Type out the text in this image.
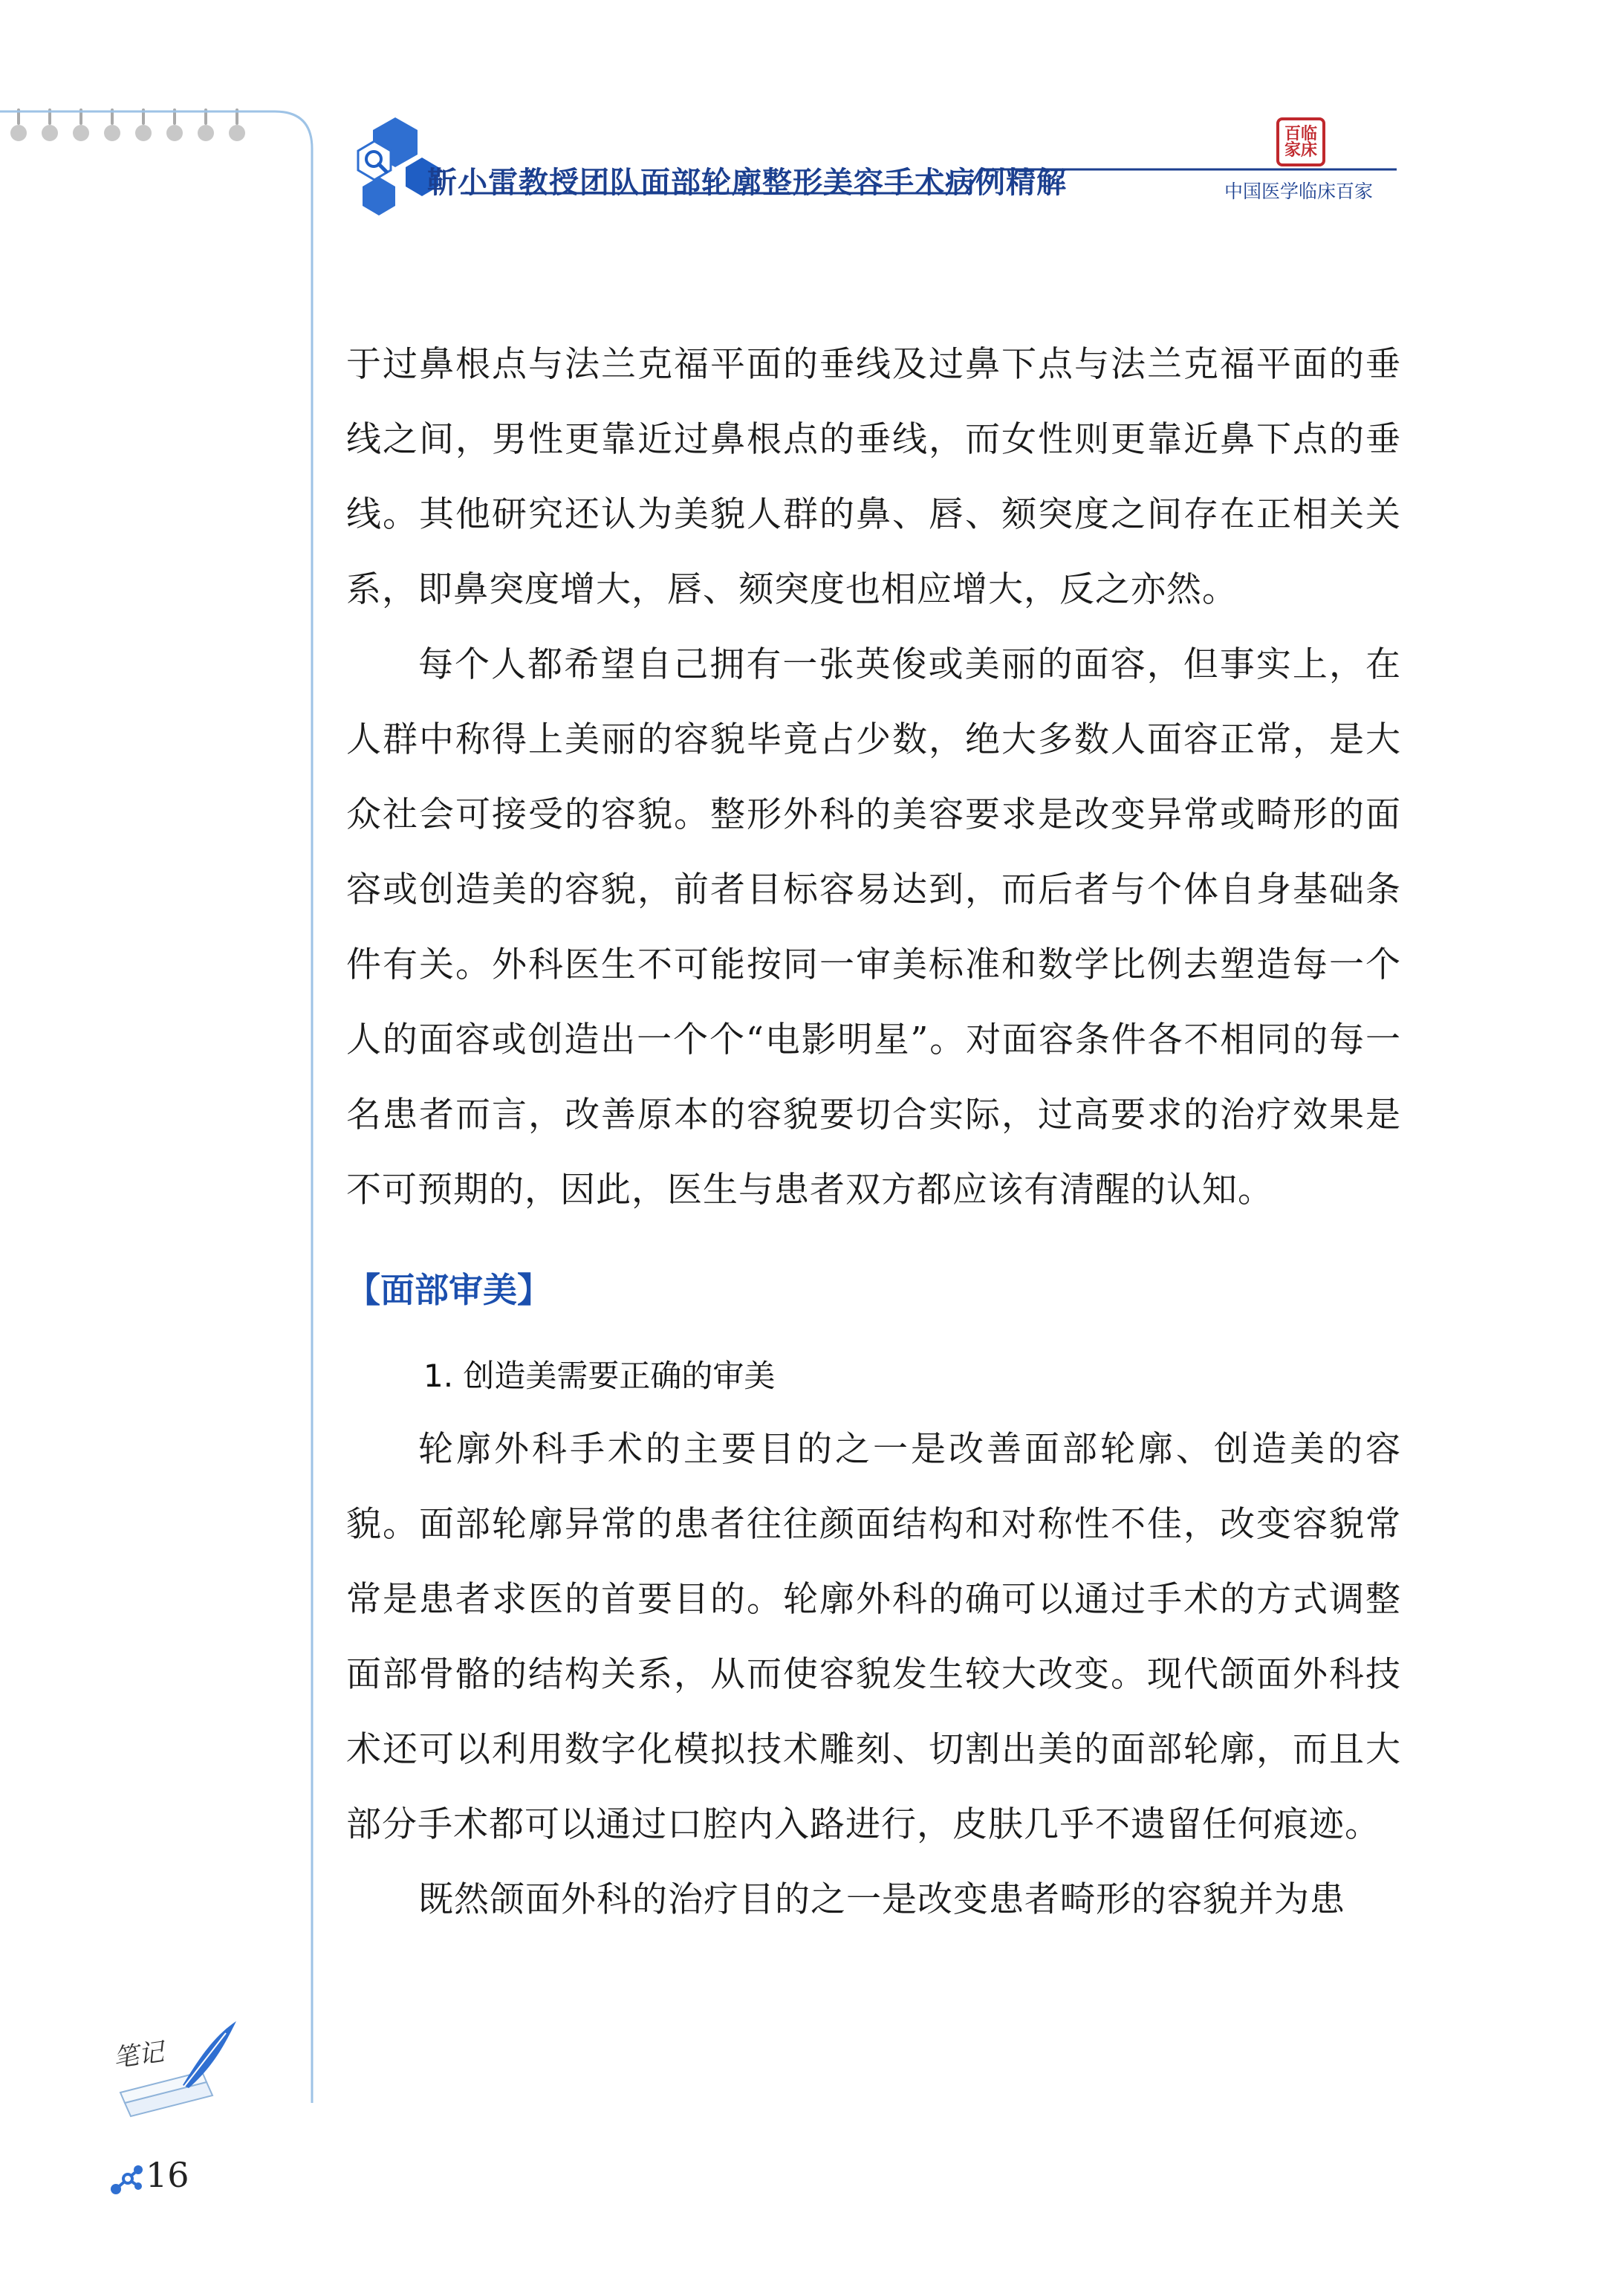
靳小雷教授团队面部轮廓整形美容手术病例精解
百临家床
中国医学临床百家

于过鼻根点与法兰克福平面的垂线及过鼻下点与法兰克福平面的垂线之间，男性更靠近过鼻根点的垂线，而女性则更靠近鼻下点的垂线。其他研究还认为美貌人群的鼻、唇、颏突度之间存在正相关关系，即鼻突度增大，唇、颏突度也相应增大，反之亦然。

每个人都希望自己拥有一张英俊或美丽的面容，但事实上，在人群中称得上美丽的容貌毕竟占少数，绝大多数人面容正常，是大众社会可接受的容貌。整形外科的美容要求是改变异常或畸形的面容或创造美的容貌，前者目标容易达到，而后者与个体自身基础条件有关。外科医生不可能按同一审美标准和数学比例去塑造每一个人的面容或创造出一个个“电影明星”。对面容条件各不相同的每一名患者而言，改善原本的容貌要切合实际，过高要求的治疗效果是不可预期的，因此，医生与患者双方都应该有清醒的认知。

【面部审美】
1. 创造美需要正确的审美

轮廓外科手术的主要目的之一是改善面部轮廓、创造美的容貌。面部轮廓异常的患者往往颜面结构和对称性不佳，改变容貌常常是患者求医的首要目的。轮廓外科的确可以通过手术的方式调整面部骨骼的结构关系，从而使容貌发生较大改变。现代颌面外科技术还可以利用数字化模拟技术雕刻、切割出美的面部轮廓，而且大部分手术都可以通过口腔内入路进行，皮肤几乎不遗留任何痕迹。

既然颌面外科的治疗目的之一是改变患者畸形的容貌并为患

笔记
16
